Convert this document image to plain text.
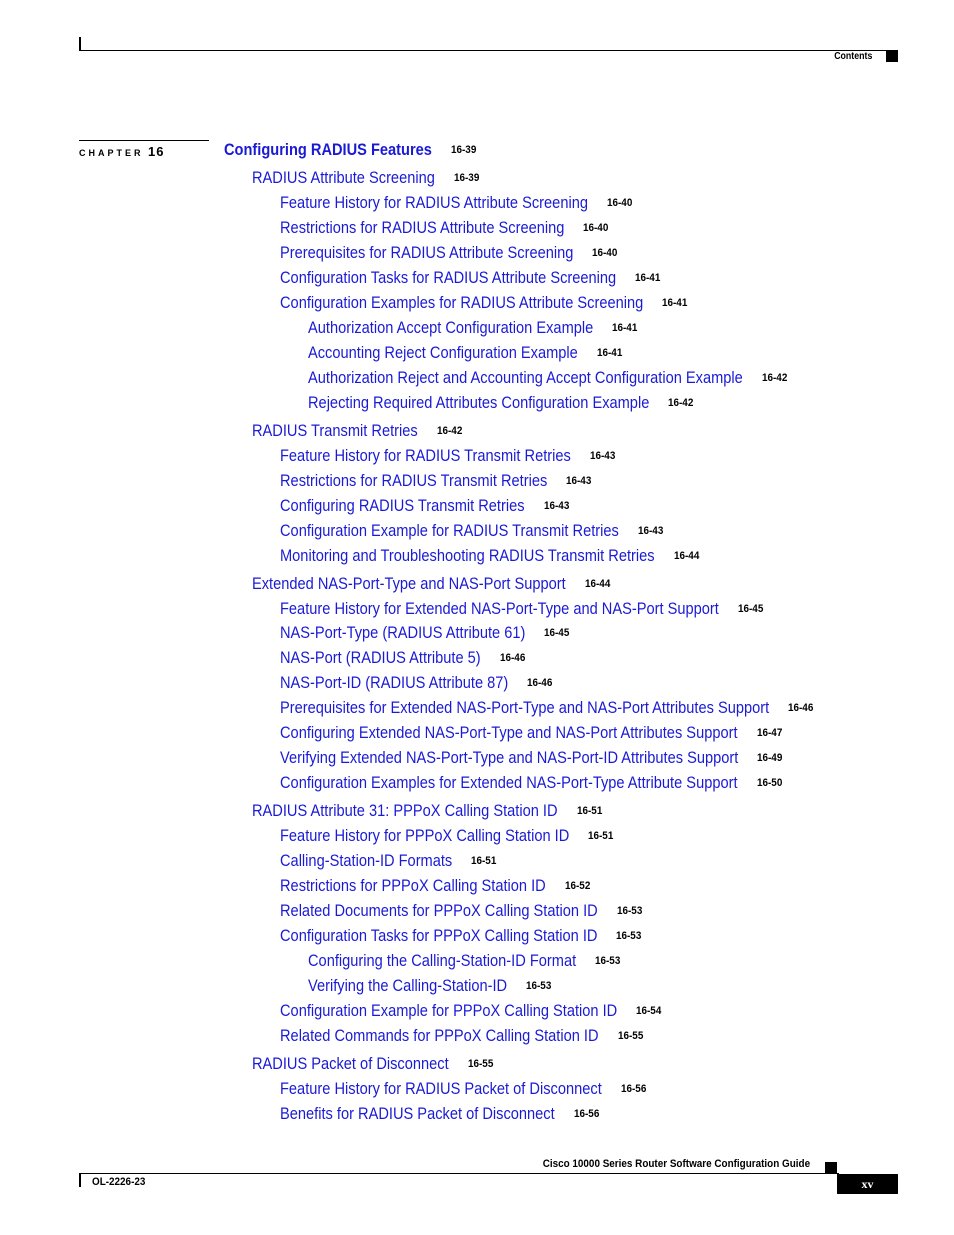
Contents
CHAPTER 16	Configuring RADIUS Features 16-39
RADIUS Attribute Screening 16-39
Feature History for RADIUS Attribute Screening 16-40
Restrictions for RADIUS Attribute Screening 16-40
Prerequisites for RADIUS Attribute Screening 16-40
Configuration Tasks for RADIUS Attribute Screening 16-41
Configuration Examples for RADIUS Attribute Screening 16-41
Authorization Accept Configuration Example 16-41
Accounting Reject Configuration Example 16-41
Authorization Reject and Accounting Accept Configuration Example 16-42
Rejecting Required Attributes Configuration Example 16-42
RADIUS Transmit Retries 16-42
Feature History for RADIUS Transmit Retries 16-43
Restrictions for RADIUS Transmit Retries 16-43
Configuring RADIUS Transmit Retries 16-43
Configuration Example for RADIUS Transmit Retries 16-43
Monitoring and Troubleshooting RADIUS Transmit Retries 16-44
Extended NAS-Port-Type and NAS-Port Support 16-44
Feature History for Extended NAS-Port-Type and NAS-Port Support 16-45
NAS-Port-Type (RADIUS Attribute 61) 16-45
NAS-Port (RADIUS Attribute 5) 16-46
NAS-Port-ID (RADIUS Attribute 87) 16-46
Prerequisites for Extended NAS-Port-Type and NAS-Port Attributes Support 16-46
Configuring Extended NAS-Port-Type and NAS-Port Attributes Support 16-47
Verifying Extended NAS-Port-Type and NAS-Port-ID Attributes Support 16-49
Configuration Examples for Extended NAS-Port-Type Attribute Support 16-50
RADIUS Attribute 31: PPPoX Calling Station ID 16-51
Feature History for PPPoX Calling Station ID 16-51
Calling-Station-ID Formats 16-51
Restrictions for PPPoX Calling Station ID 16-52
Related Documents for PPPoX Calling Station ID 16-53
Configuration Tasks for PPPoX Calling Station ID 16-53
Configuring the Calling-Station-ID Format 16-53
Verifying the Calling-Station-ID 16-53
Configuration Example for PPPoX Calling Station ID 16-54
Related Commands for PPPoX Calling Station ID 16-55
RADIUS Packet of Disconnect 16-55
Feature History for RADIUS Packet of Disconnect 16-56
Benefits for RADIUS Packet of Disconnect 16-56
Cisco 10000 Series Router Software Configuration Guide
OL-2226-23	xv
